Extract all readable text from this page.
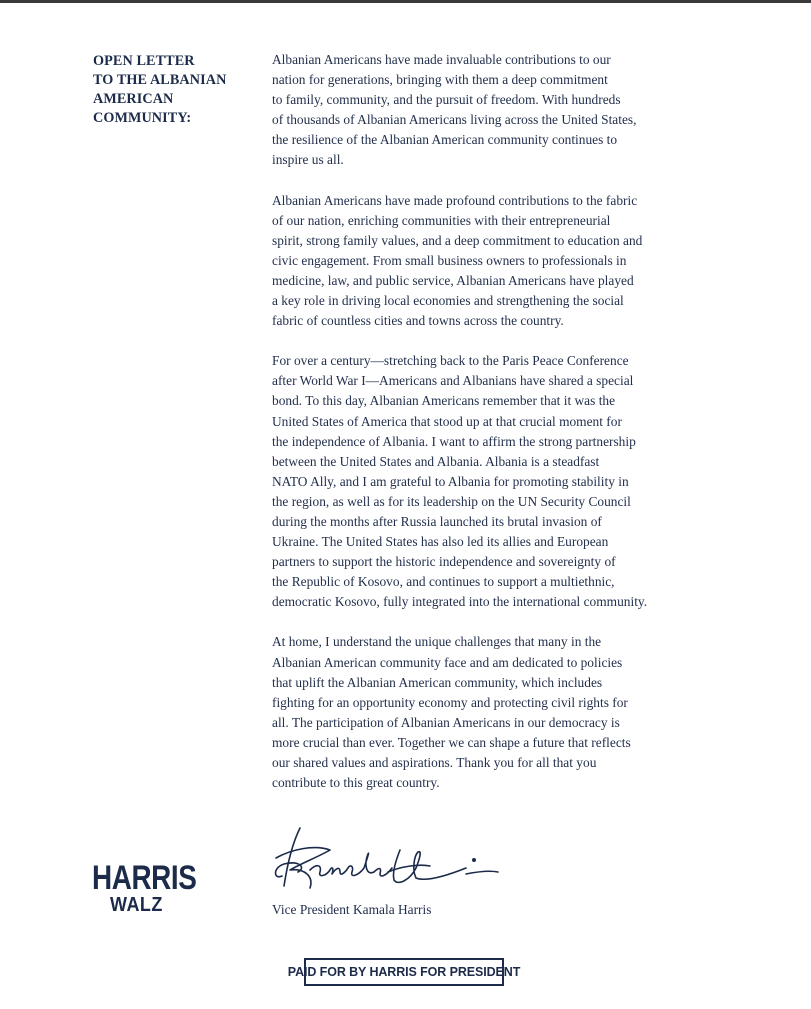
OPEN LETTER
TO THE ALBANIAN
AMERICAN
COMMUNITY:

Albanian Americans have made invaluable contributions to our
nation for generations, bringing with them a deep commitment
to family, community, and the pursuit of freedom. With hundreds
of thousands of Albanian Americans living across the United States,
the resilience of the Albanian American community continues to
inspire us all.

Albanian Americans have made profound contributions to the fabric
of our nation, enriching communities with their entrepreneurial
spirit, strong family values, and a deep commitment to education and
civic engagement. From small business owners to professionals in
medicine, law, and public service, Albanian Americans have played
a key role in driving local economies and strengthening the social
fabric of countless cities and towns across the country.

For over a century—stretching back to the Paris Peace Conference
after World War I—Americans and Albanians have shared a special
bond. To this day, Albanian Americans remember that it was the
United States of America that stood up at that crucial moment for
the independence of Albania. I want to affirm the strong partnership
between the United States and Albania. Albania is a steadfast
NATO Ally, and I am grateful to Albania for promoting stability in
the region, as well as for its leadership on the UN Security Council
during the months after Russia launched its brutal invasion of
Ukraine. The United States has also led its allies and European
partners to support the historic independence and sovereignty of
the Republic of Kosovo, and continues to support a multiethnic,
democratic Kosovo, fully integrated into the international community.

At home, I understand the unique challenges that many in the
Albanian American community face and am dedicated to policies
that uplift the Albanian American community, which includes
fighting for an opportunity economy and protecting civil rights for
all. The participation of Albanian Americans in our democracy is
more crucial than ever. Together we can shape a future that reflects
our shared values and aspirations. Thank you for all that you
contribute to this great country.

Vice President Kamala Harris
HARRIS
WALZ
PAID FOR BY HARRIS FOR PRESIDENT
